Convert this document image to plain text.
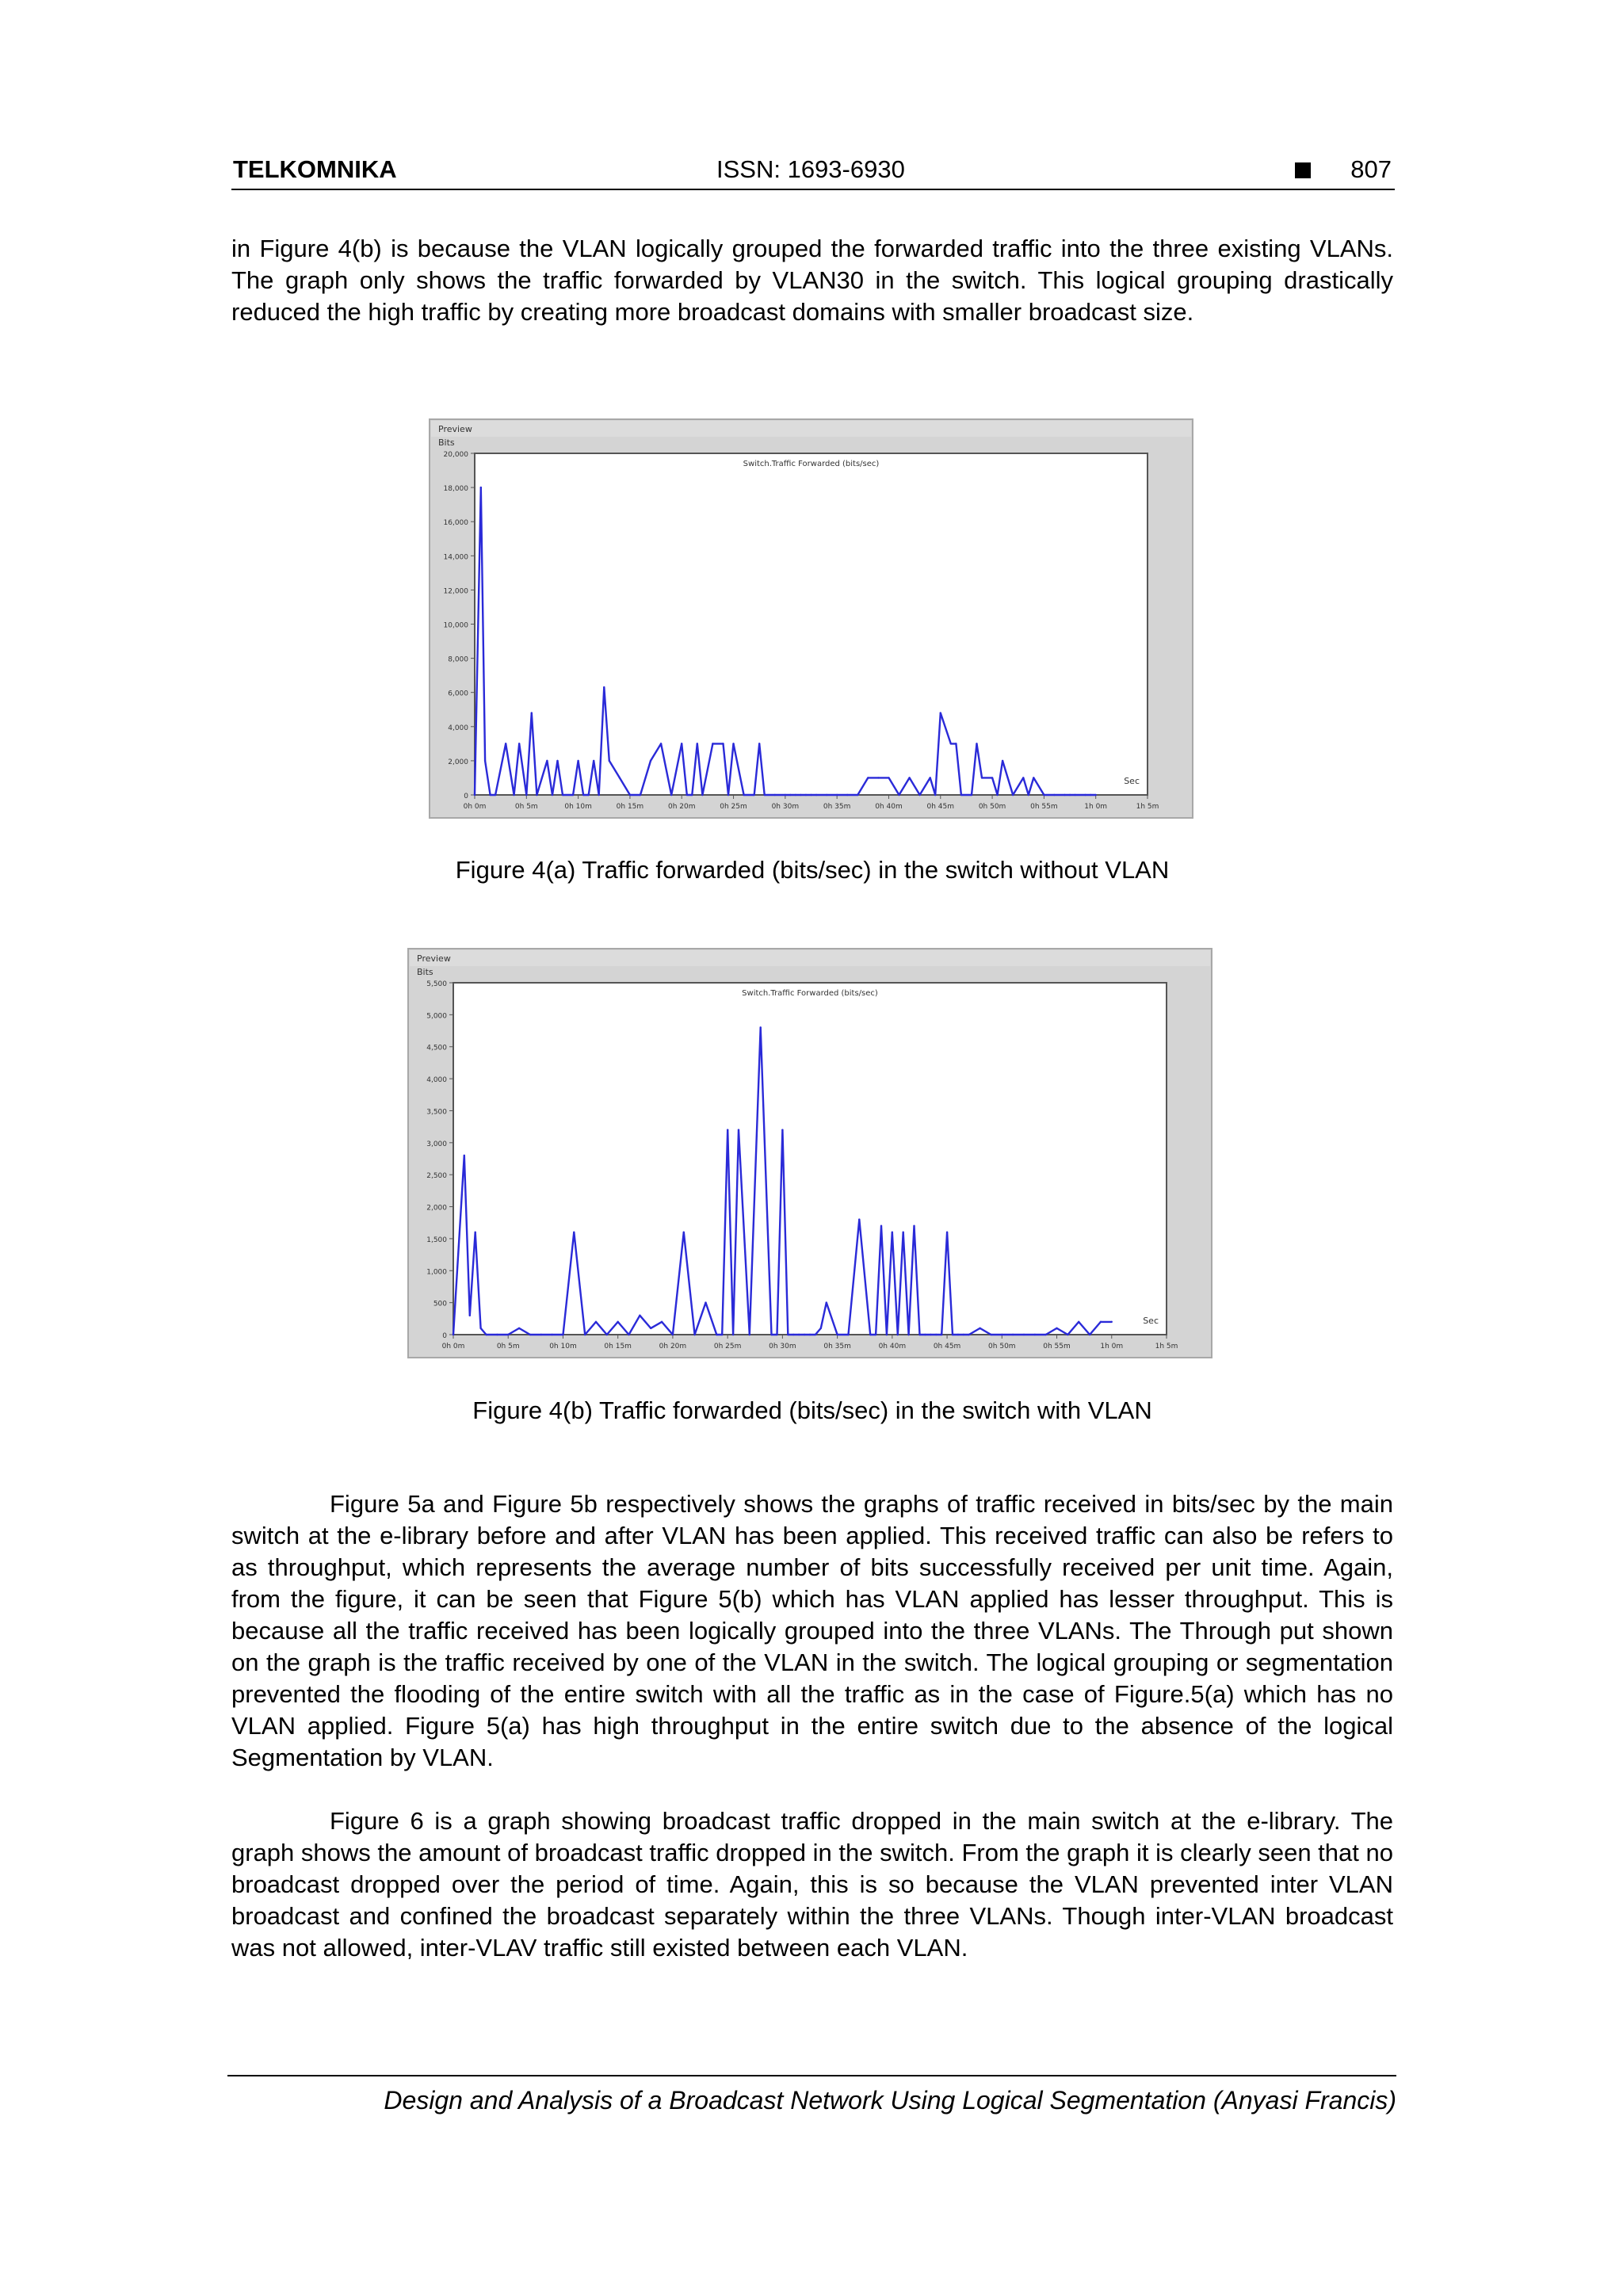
TELKOMNIKA	ISSN: 1693-6930	807

in Figure 4(b) is because the VLAN logically grouped the forwarded traffic into the three existing VLANs. The graph only shows the traffic forwarded by VLAN30 in the switch. This logical grouping drastically reduced the high traffic by creating more broadcast domains with smaller broadcast size.

Preview
Switch.Traffic Forwarded (bits/sec)
Bits
Sec
0
2,000
4,000
6,000
8,000
10,000
12,000
14,000
16,000
18,000
20,000
0h 0m	0h 5m	0h 10m	0h 15m	0h 20m	0h 25m	0h 30m	0h 35m	0h 40m	0h 45m	0h 50m	0h 55m	1h 0m	1h 5m
Figure 4(a) Traffic forwarded (bits/sec) in the switch without VLAN
Preview
Switch.Traffic Forwarded (bits/sec)
Bits
Sec
0
500
1,000
1,500
2,000
2,500
3,000
3,500
4,000
4,500
5,000
5,500
0h 0m	0h 5m	0h 10m	0h 15m	0h 20m	0h 25m	0h 30m	0h 35m	0h 40m	0h 45m	0h 50m	0h 55m	1h 0m	1h 5m
Figure 4(b) Traffic forwarded (bits/sec) in the switch with VLAN

Figure 5a and Figure 5b respectively shows the graphs of traffic received in bits/sec by the main switch at the e-library before and after VLAN has been applied. This received traffic can also be refers to as throughput, which represents the average number of bits successfully received per unit time. Again, from the figure, it can be seen that Figure 5(b) which has VLAN applied has lesser throughput. This is because all the traffic received has been logically grouped into the three VLANs. The Through put shown on the graph is the traffic received by one of the VLAN in the switch. The logical grouping or segmentation prevented the flooding of the entire switch with all the traffic as in the case of Figure.5(a) which has no VLAN applied. Figure 5(a) has high throughput in the entire switch due to the absence of the logical Segmentation by VLAN.

Figure 6 is a graph showing broadcast traffic dropped in the main switch at the e-library. The graph shows the amount of broadcast traffic dropped in the switch. From the graph it is clearly seen that no broadcast dropped over the period of time. Again, this is so because the VLAN prevented inter VLAN broadcast and confined the broadcast separately within the three VLANs. Though inter-VLAN broadcast was not allowed, inter-VLAV traffic still existed between each VLAN.

Design and Analysis of a Broadcast Network Using Logical Segmentation (Anyasi Francis)
